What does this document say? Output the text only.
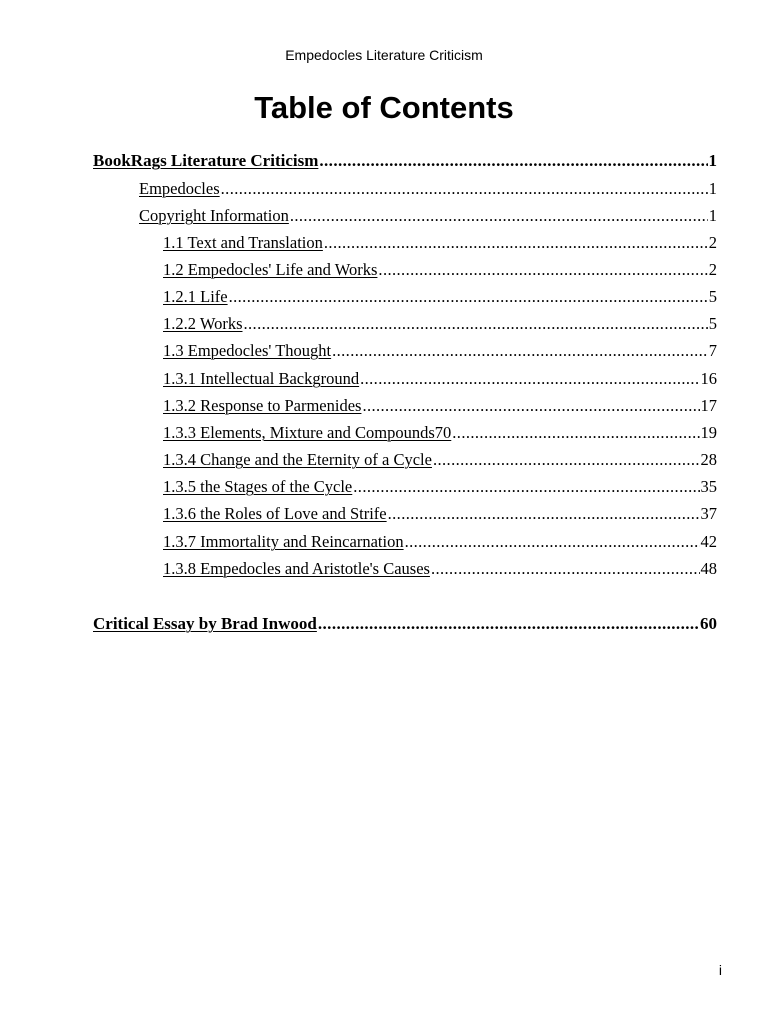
Empedocles Literature Criticism
Table of Contents
BookRags Literature Criticism .....	1
Empedocles .....	1
Copyright Information .....	1
1.1 Text and Translation .....	2
1.2 Empedocles' Life and Works .....	2
1.2.1 Life .....	5
1.2.2 Works .....	5
1.3 Empedocles' Thought .....	7
1.3.1 Intellectual Background .....	16
1.3.2 Response to Parmenides .....	17
1.3.3 Elements, Mixture and Compounds70 .....	19
1.3.4 Change and the Eternity of a Cycle .....	28
1.3.5 the Stages of the Cycle .....	35
1.3.6 the Roles of Love and Strife .....	37
1.3.7 Immortality and Reincarnation .....	42
1.3.8 Empedocles and Aristotle's Causes .....	48
Critical Essay by Brad Inwood .....	60
i
